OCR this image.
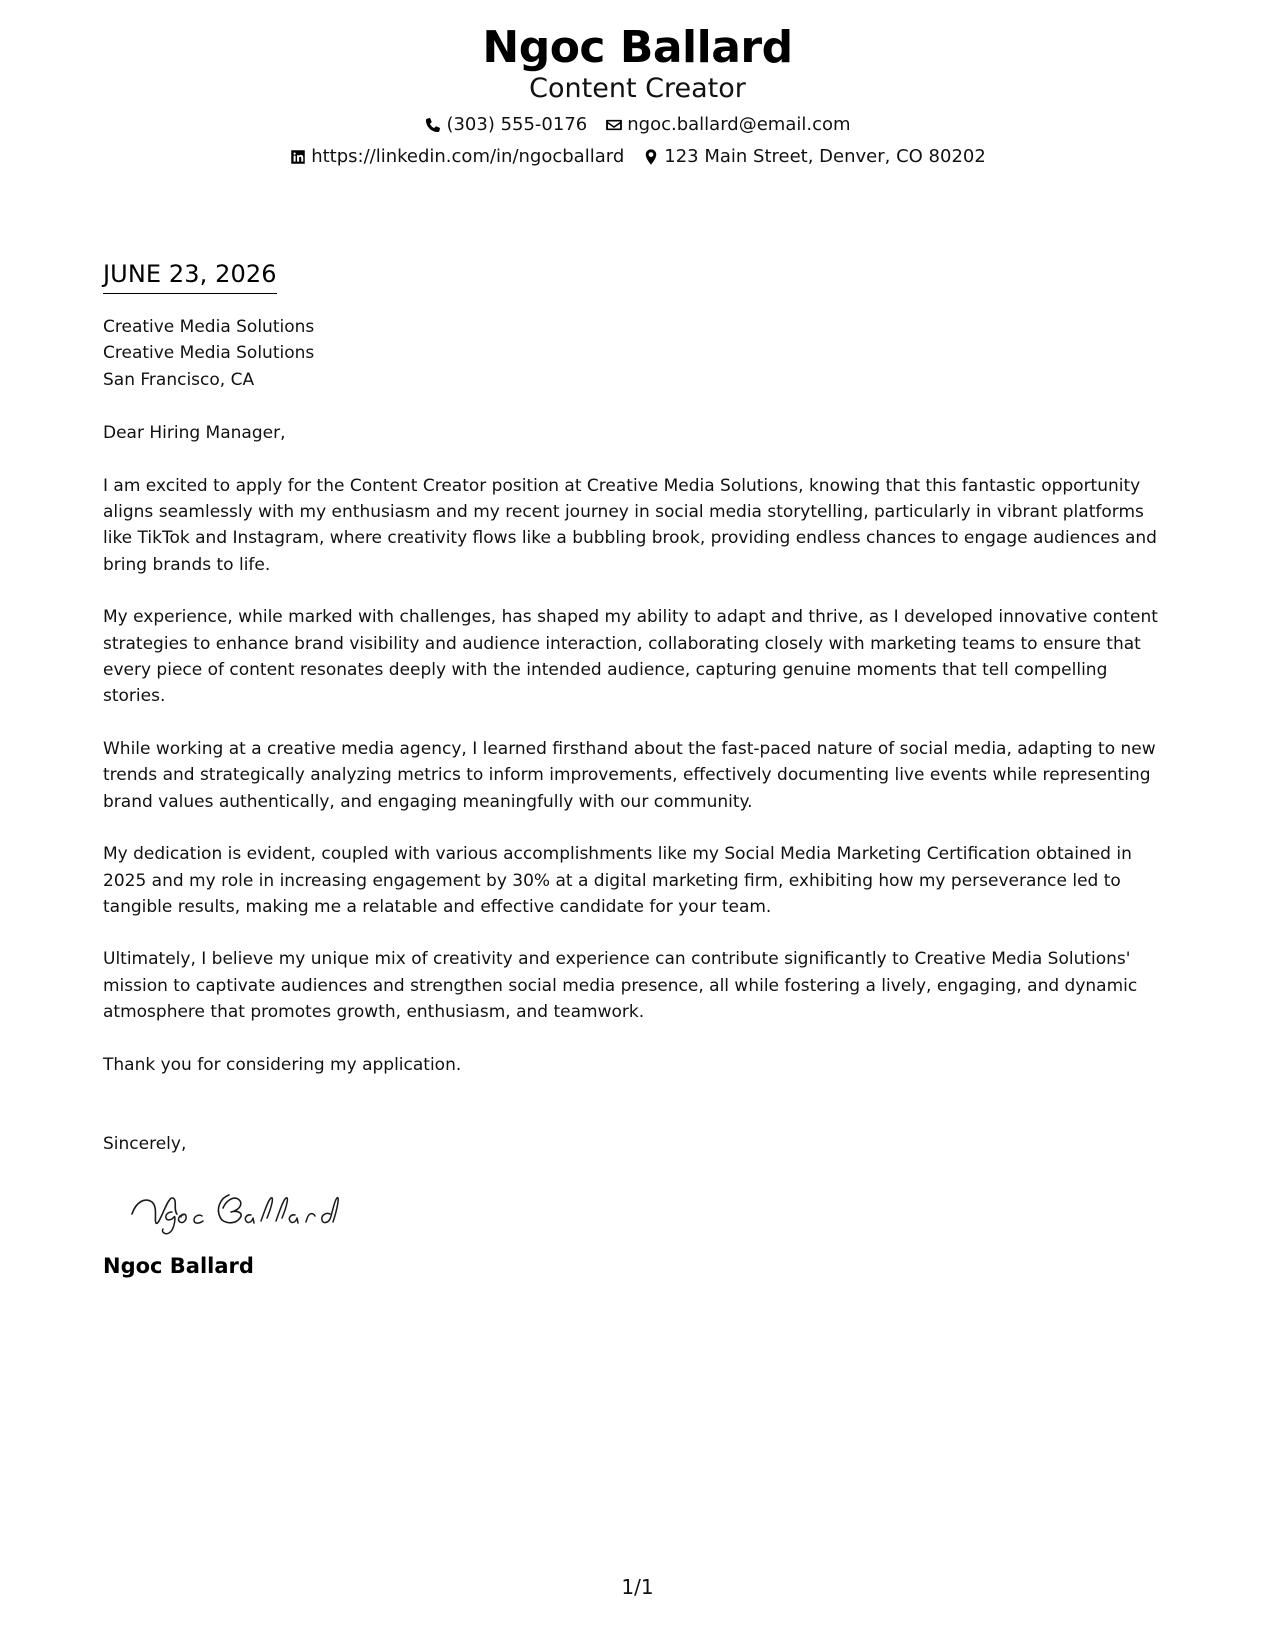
Ngoc Ballard
Content Creator
(303) 555-0176 ngoc.ballard@email.com
https://linkedin.com/in/ngocballard 123 Main Street, Denver, CO 80202
JUNE 23, 2026
Creative Media Solutions
Creative Media Solutions
San Francisco, CA
Dear Hiring Manager,

I am excited to apply for the Content Creator position at Creative Media Solutions, knowing that this fantastic opportunity aligns seamlessly with my enthusiasm and my recent journey in social media storytelling, particularly in vibrant platforms like TikTok and Instagram, where creativity flows like a bubbling brook, providing endless chances to engage audiences and bring brands to life.

My experience, while marked with challenges, has shaped my ability to adapt and thrive, as I developed innovative content strategies to enhance brand visibility and audience interaction, collaborating closely with marketing teams to ensure that every piece of content resonates deeply with the intended audience, capturing genuine moments that tell compelling stories.

While working at a creative media agency, I learned firsthand about the fast-paced nature of social media, adapting to new trends and strategically analyzing metrics to inform improvements, effectively documenting live events while representing brand values authentically, and engaging meaningfully with our community.

My dedication is evident, coupled with various accomplishments like my Social Media Marketing Certification obtained in 2025 and my role in increasing engagement by 30% at a digital marketing firm, exhibiting how my perseverance led to tangible results, making me a relatable and effective candidate for your team.

Ultimately, I believe my unique mix of creativity and experience can contribute significantly to Creative Media Solutions' mission to captivate audiences and strengthen social media presence, all while fostering a lively, engaging, and dynamic atmosphere that promotes growth, enthusiasm, and teamwork.

Thank you for considering my application.
Sincerely,
Ngoc Ballard
1/1
